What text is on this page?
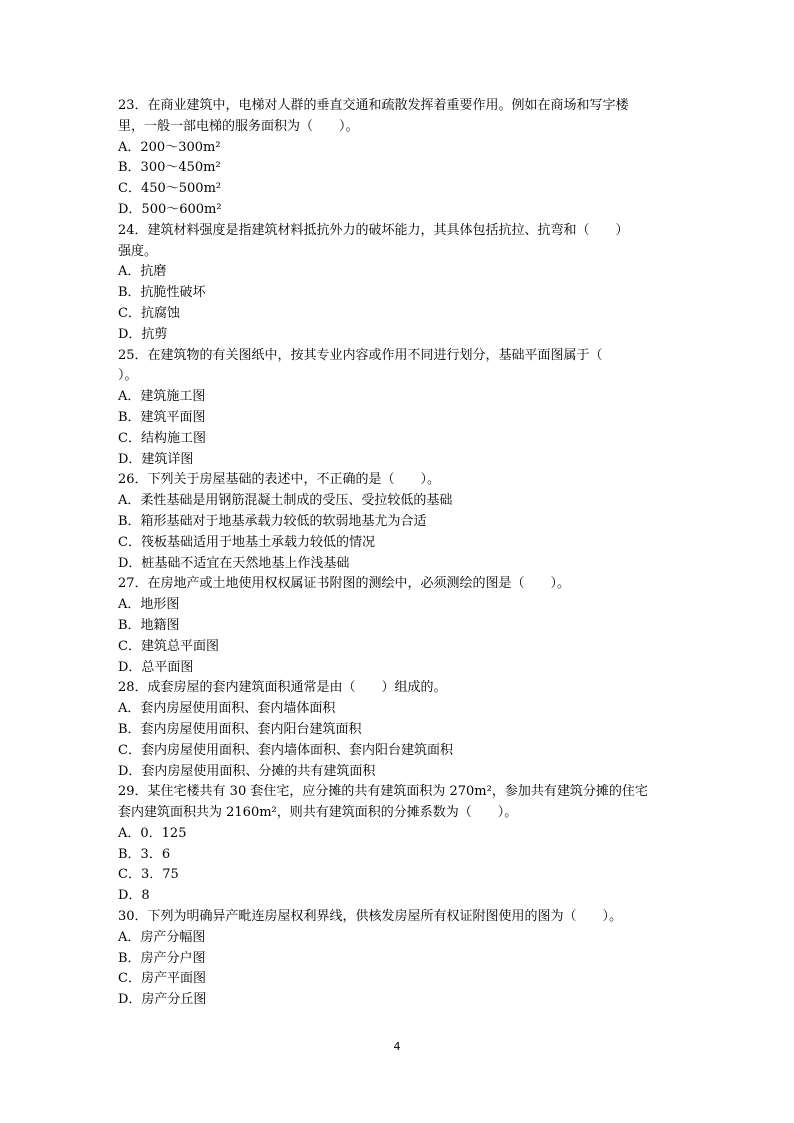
23．在商业建筑中，电梯对人群的垂直交通和疏散发挥着重要作用。例如在商场和写字楼
里，一般一部电梯的服务面积为（　　）。
A．200～300m²
B．300～450m²
C．450～500m²
D．500～600m²
24．建筑材料强度是指建筑材料抵抗外力的破坏能力，其具体包括抗拉、抗弯和（　　）
强度。
A．抗磨
B．抗脆性破坏
C．抗腐蚀
D．抗剪
25．在建筑物的有关图纸中，按其专业内容或作用不同进行划分，基础平面图属于（
）。
A．建筑施工图
B．建筑平面图
C．结构施工图
D．建筑详图
26．下列关于房屋基础的表述中，不正确的是（　　）。
A．柔性基础是用钢筋混凝土制成的受压、受拉较低的基础
B．箱形基础对于地基承载力较低的软弱地基尤为合适
C．筏板基础适用于地基土承载力较低的情况
D．桩基础不适宜在天然地基上作浅基础
27．在房地产或土地使用权权属证书附图的测绘中，必须测绘的图是（　　）。
A．地形图
B．地籍图
C．建筑总平面图
D．总平面图
28．成套房屋的套内建筑面积通常是由（　　）组成的。
A．套内房屋使用面积、套内墙体面积
B．套内房屋使用面积、套内阳台建筑面积
C．套内房屋使用面积、套内墙体面积、套内阳台建筑面积
D．套内房屋使用面积、分摊的共有建筑面积
29．某住宅楼共有 30 套住宅，应分摊的共有建筑面积为 270m²，参加共有建筑分摊的住宅
套内建筑面积共为 2160m²，则共有建筑面积的分摊系数为（　　）。
A．0．125
B．3．6
C．3．75
D．8
30．下列为明确异产毗连房屋权利界线，供核发房屋所有权证附图使用的图为（　　）。
A．房产分幅图
B．房产分户图
C．房产平面图
D．房产分丘图
4
